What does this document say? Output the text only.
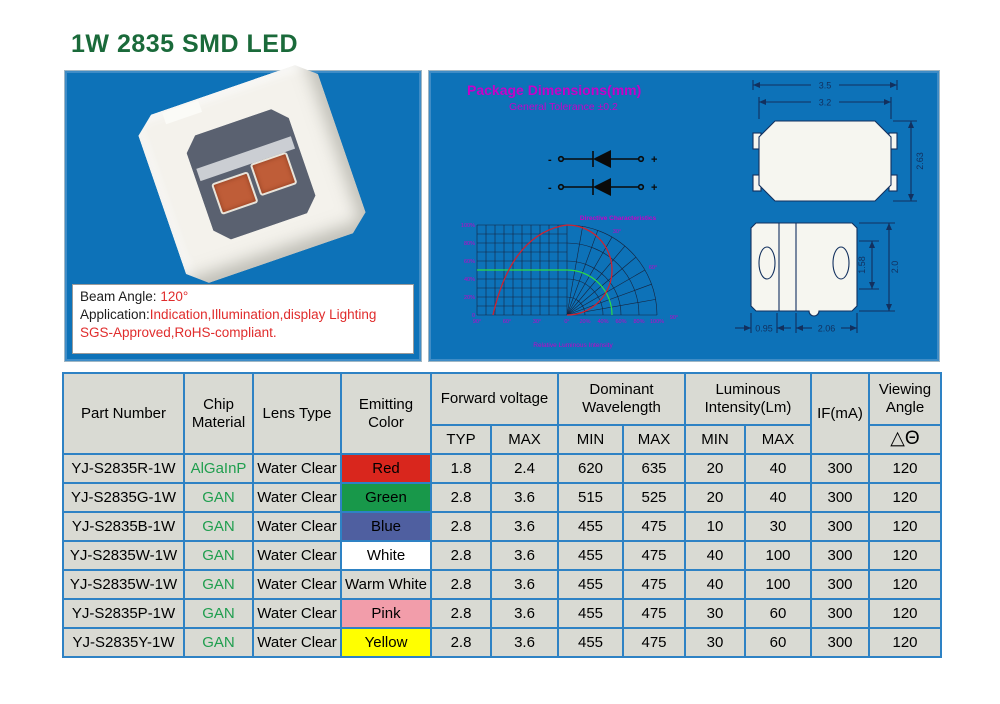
1W 2835 SMD LED
Beam Angle: 120°
Application:Indication,Illumination,display Lighting
SGS-Approved,RoHS-compliant.
Package Dimensions(mm)
General Tolerance ±0.2
-	+
-	+
Directive Characteristics
100%
80%
60%
40%
20%
0
90°	60°	30°	0° 20% 40% 60% 80% 100%
30°
60°
90°
Relative Luminous Intensity
3.5
3.2
2.63
1.58	2.0
0.95	2.06
Part Number	Chip Material	Lens Type	Emitting Color	Forward voltage		Dominant Wavelength		Luminous Intensity(Lm)		IF(mA)	Viewing Angle
				TYP	MAX	MIN	MAX	MIN	MAX		△Θ
YJ-S2835R-1W	AlGaInP	Water Clear	Red	1.8	2.4	620	635	20	40	300	120
YJ-S2835G-1W	GAN	Water Clear	Green	2.8	3.6	515	525	20	40	300	120
YJ-S2835B-1W	GAN	Water Clear	Blue	2.8	3.6	455	475	10	30	300	120
YJ-S2835W-1W	GAN	Water Clear	White	2.8	3.6	455	475	40	100	300	120
YJ-S2835W-1W	GAN	Water Clear	Warm White	2.8	3.6	455	475	40	100	300	120
YJ-S2835P-1W	GAN	Water Clear	Pink	2.8	3.6	455	475	30	60	300	120
YJ-S2835Y-1W	GAN	Water Clear	Yellow	2.8	3.6	455	475	30	60	300	120
